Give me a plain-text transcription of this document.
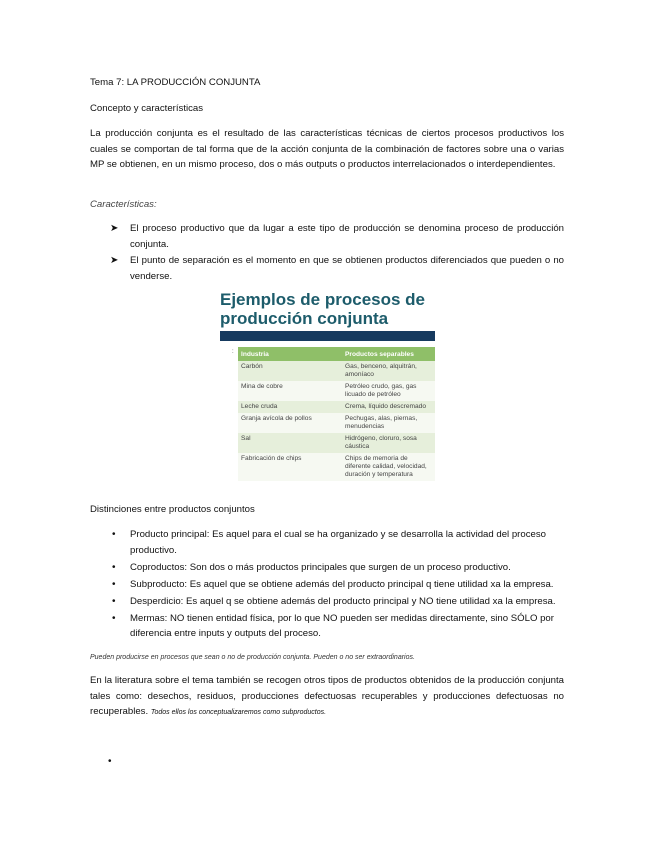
Tema 7: LA PRODUCCIÓN CONJUNTA
Concepto y características
La producción conjunta es el resultado de las características técnicas de ciertos procesos productivos los cuales se comportan de tal forma que de la acción conjunta de la combinación de factores sobre una o varias MP se obtienen, en un mismo proceso, dos o más outputs o productos interrelacionados o interdependientes.
Características:
➤ El proceso productivo que da lugar a este tipo de producción se denomina proceso de producción conjunta.
➤ El punto de separación es el momento en que se obtienen productos diferenciados que pueden o no venderse.
Ejemplos de procesos de producción conjunta
: Industria	Productos separables
Carbón	Gas, benceno, alquitrán, amoníaco
Mina de cobre	Petróleo crudo, gas, gas licuado de petróleo
Leche cruda	Crema, líquido descremado
Granja avícola de pollos	Pechugas, alas, piernas, menudencias
Sal	Hidrógeno, cloruro, sosa cáustica
Fabricación de chips	Chips de memoria de diferente calidad, velocidad, duración y temperatura
Distinciones entre productos conjuntos
• Producto principal: Es aquel para el cual se ha organizado y se desarrolla la actividad del proceso productivo.
• Coproductos: Son dos o más productos principales que surgen de un proceso productivo.
• Subproducto: Es aquel que se obtiene además del producto principal q tiene utilidad xa la empresa.
• Desperdicio: Es aquel q se obtiene además del producto principal y NO tiene utilidad xa la empresa.
• Mermas: NO tienen entidad física, por lo que NO pueden ser medidas directamente, sino SÓLO por diferencia entre inputs y outputs del proceso.
Pueden producirse en procesos que sean o no de producción conjunta. Pueden o no ser extraordinarios.
En la literatura sobre el tema también se recogen otros tipos de productos obtenidos de la producción conjunta tales como: desechos, residuos, producciones defectuosas recuperables y producciones defectuosas no recuperables. Todos ellos los conceptualizaremos como subproductos.
•
